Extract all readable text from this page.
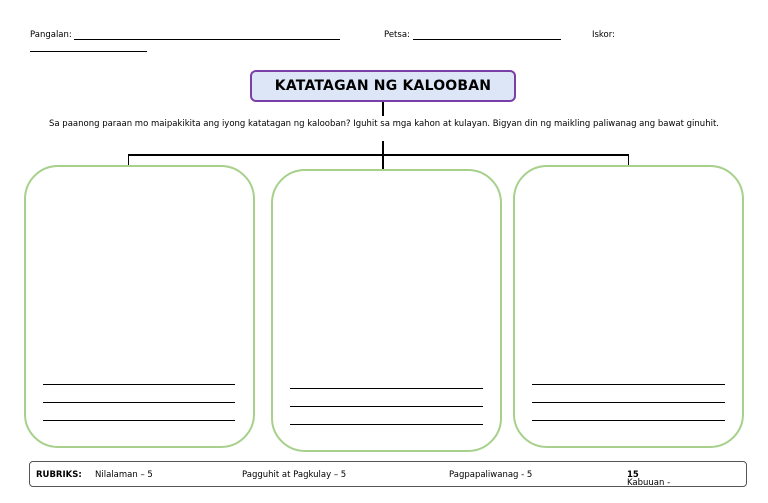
Pangalan:	Petsa:	Iskor:
KATATAGAN NG KALOOBAN
Sa paanong paraan mo maipakikita ang iyong katatagan ng kalooban? Iguhit sa mga kahon at kulayan. Bigyan din ng maikling paliwanag ang bawat ginuhit.
RUBRIKS: Nilalaman – 5	Pagguhit at Pagkulay – 5	Pagpapaliwanag - 5
Kabuuan -
15
